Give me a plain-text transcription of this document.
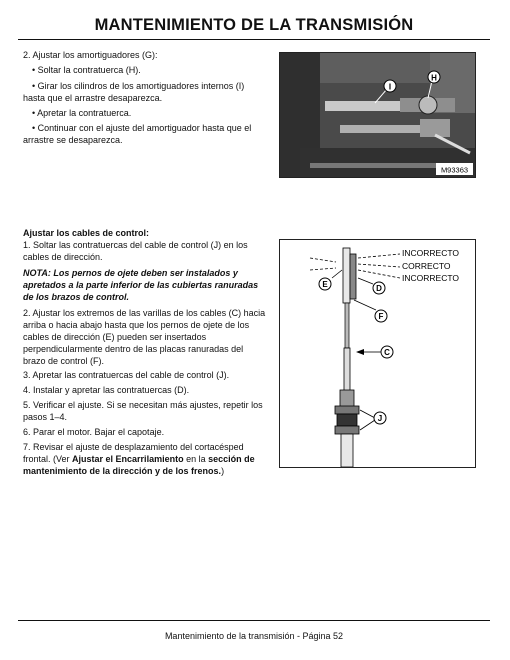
MANTENIMIENTO DE LA TRANSMISIÓN
2. Ajustar los amortiguadores (G):
• Soltar la contratuerca (H).
• Girar los cilindros de los amortiguadores internos (I)
hasta que el arrastre desaparezca.
• Apretar la contratuerca.
• Continuar con el ajuste del amortiguador hasta que el
arrastre se desaparezca.
I
H
M93363
Ajustar los cables de control:
1. Soltar las contratuercas del cable de control (J) en los
cables de dirección.
NOTA: Los pernos de ojete deben ser instalados y
apretados a la parte inferior de las cubiertas ranuradas
de los brazos de control.
2. Ajustar los extremos de las varillas de los cables (C) hacia
arriba o hacia abajo hasta que los pernos de ojete de los
cables de dirección (E) pueden ser insertados
perpendicularmente dentro de las placas ranuradas del
brazo de control (F).
3. Apretar las contratuercas del cable de control (J).
4. Instalar y apretar las contratuercas (D).
5. Verificar el ajuste. Si se necesitan más ajustes, repetir los
pasos 1–4.
6. Parar el motor. Bajar el capotaje.
7. Revisar el ajuste de desplazamiento del cortacésped
frontal. (Ver Ajustar el Encarrilamiento en la sección de
mantenimiento de la dirección y de los frenos.)
INCORRECTO
CORRECTO
INCORRECTO
E	D
F
C
J
Mantenimiento de la transmisión - Página 52
